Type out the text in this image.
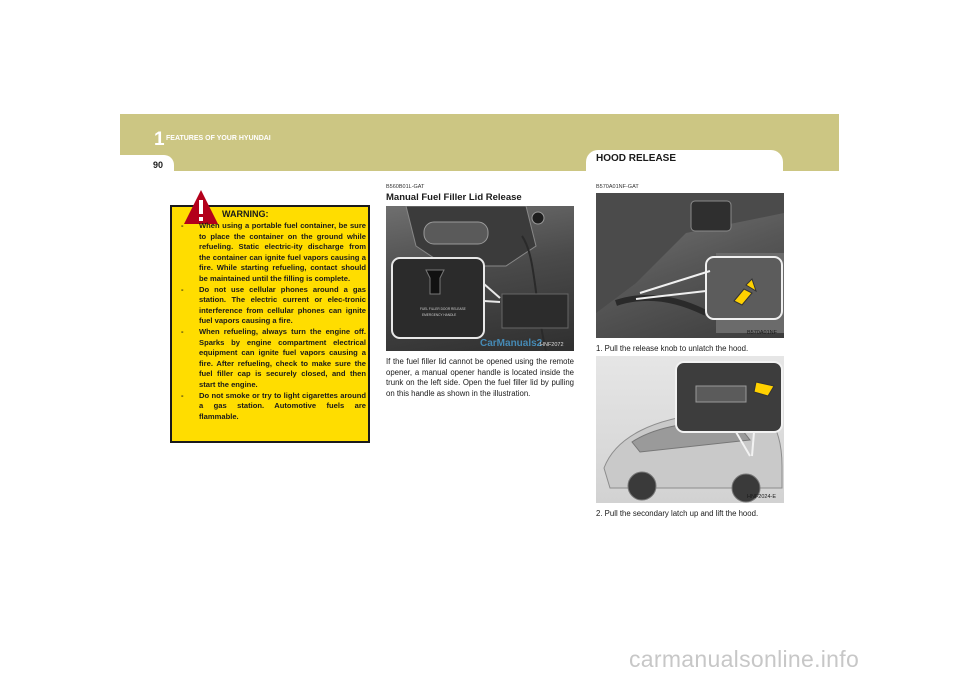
1 FEATURES OF YOUR HYUNDAI
90
HOOD RELEASE
WARNING:
- When using a portable fuel container, be sure to place the container on the ground while refueling. Static electric-ity discharge from the container can ignite fuel vapors causing a fire. While starting refueling, contact should be maintained until the filling is complete.
- Do not use cellular phones around a gas station. The electric current or elec-tronic interference from cellular phones can ignite fuel vapors causing a fire.
- When refueling, always turn the engine off. Sparks by engine compartment electrical equipment can ignite fuel vapors causing a fire. After refueling, check to make sure the fuel filler cap is securely closed, and then start the engine.
- Do not smoke or try to light cigarettes around a gas station. Automotive fuels are flammable.
B560B01L-GAT
Manual Fuel Filler Lid Release
FUEL FILLER DOOR RELEASE
EMERGENCY HANDLE
CarManuals2
HNF2072

If the fuel filler lid cannot be opened using the remote opener, a manual opener handle is located inside the trunk on the left side. Open the fuel filler lid by pulling on this handle as shown in the illustration.

B570A01NF-GAT
B570A01NF
1. Pull the release knob to unlatch the hood.
HNF2024-E
2. Pull the secondary latch up and lift the hood.
carmanualsonline.info
